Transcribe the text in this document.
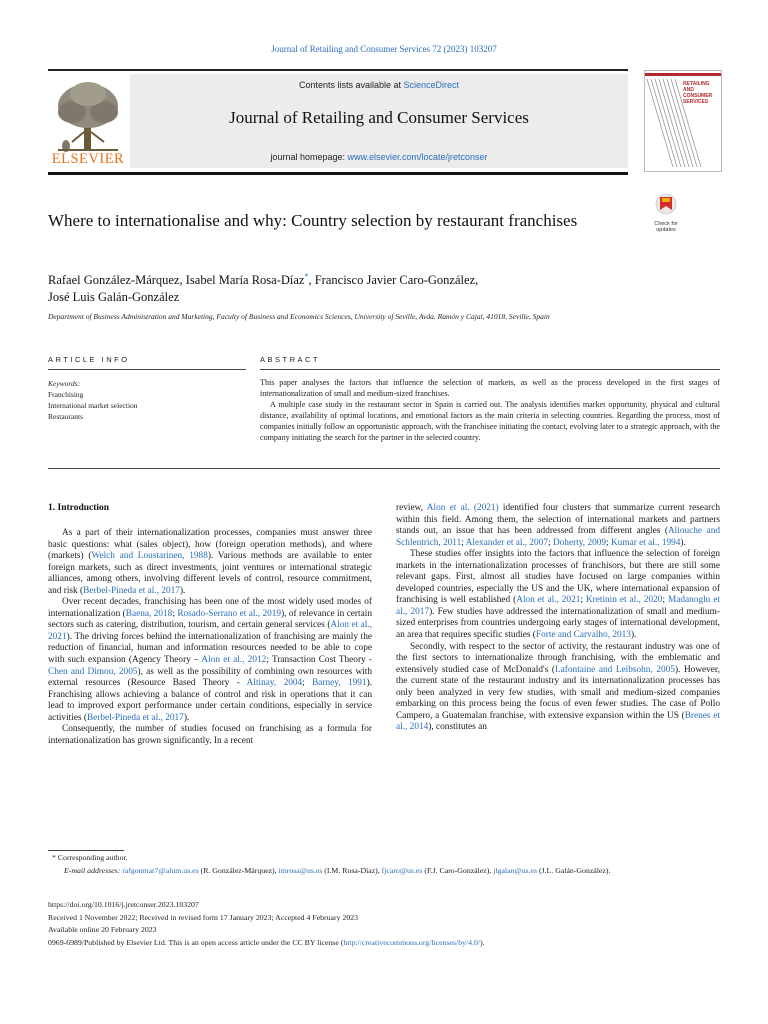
Journal of Retailing and Consumer Services 72 (2023) 103207
ELSEVIER
Contents lists available at ScienceDirect
Journal of Retailing and Consumer Services
journal homepage: www.elsevier.com/locate/jretconser
RETAILING
AND
CONSUMER
SERVICES
Check for
updates
Where to internationalise and why: Country selection by restaurant franchises
Rafael González-Márquez, Isabel María Rosa-Díaz*, Francisco Javier Caro-González,
José Luis Galán-González
Department of Business Administration and Marketing, Faculty of Business and Economics Sciences, University of Seville, Avda. Ramón y Cajal, 41018, Seville, Spain
ARTICLE INFO	ABSTRACT
Keywords:
Franchising
International market selection
Restaurants

This paper analyses the factors that influence the selection of markets, as well as the process developed in the first stages of internationalization of small and medium-sized franchises.

A multiple case study in the restaurant sector in Spain is carried out. The analysis identifies market opportunity, physical and cultural distance, availability of optimal locations, and emotional factors as the main criteria in selecting countries. Regarding the process, most of companies initially follow an opportunistic approach, with the franchisee initiating the contact, evolving later to a strategic approach, with the company initiating the search for the partner in the selected country.

1. Introduction

As a part of their internationalization processes, companies must answer three basic questions: what (sales object), how (foreign operation methods), and where (markets) (Welch and Loustarinen, 1988). Various methods are available to enter foreign markets, such as direct investments, joint ventures or international strategic alliances, among others, involving different levels of control, resource commitment, and risk (Berbel-Pineda et al., 2017).

Over recent decades, franchising has been one of the most widely used modes of internationalization (Baena, 2018; Rosado-Serrano et al., 2019), of relevance in certain sectors such as catering, distribution, tourism, and certain general services (Alon et al., 2021). The driving forces behind the internationalization of franchising are mainly the reduction of financial, human and information resources needed to be able to cope with such expansion (Agency Theory – Alon et al., 2012; Transaction Cost Theory - Chen and Dimou, 2005), as well as the possibility of combining own resources with external resources (Resource Based Theory - Altinay, 2004; Barney, 1991). Franchising allows achieving a balance of control and risk in operations that it can lead to improved export performance under certain conditions, especially in service activities (Berbel-Pineda et al., 2017).

Consequently, the number of studies focused on franchising as a formula for internationalization has grown significantly. In a recent

review, Alon et al. (2021) identified four clusters that summarize current research within this field. Among them, the selection of international markets and partners stands out, an issue that has been addressed from different angles (Aliouche and Schlentrich, 2011; Alexander et al., 2007; Doherty, 2009; Kumar et al., 1994).

These studies offer insights into the factors that influence the selection of foreign markets in the internationalization processes of franchisors, but there are still some relevant gaps. First, almost all studies have focused on large companies within developed countries, especially the US and the UK, where international expansion of franchising is well established (Alon et al., 2021; Kretinin et al., 2020; Madanoglu et al., 2017). Few studies have addressed the internationalization of small and medium-sized enterprises from countries undergoing early stages of international development, an area that requires specific studies (Forte and Carvalho, 2013).

Secondly, with respect to the sector of activity, the restaurant industry was one of the first sectors to internationalize through franchising, with the emblematic and extensively studied case of McDonald's (Lafontaine and Leibsohn, 2005). However, the current state of the restaurant industry and its internationalization processes has only been analyzed in very few studies, with small and medium-sized companies embarking on this process being the focus of even fewer studies. The case of Pollo Campero, a Guatemalan franchise, with extensive expansion within the US (Brenes et al., 2014), constitutes an

* Corresponding author.
E-mail addresses: rafgonmar7@alum.us.es (R. González-Márquez), imrosa@us.es (I.M. Rosa-Díaz), fjcaro@us.es (F.J. Caro-González), jlgalan@us.es (J.L. Galán-González).
https://doi.org/10.1016/j.jretconser.2023.103207
Received 1 November 2022; Received in revised form 17 January 2023; Accepted 4 February 2023
Available online 20 February 2023
0969-6989/Published by Elsevier Ltd. This is an open access article under the CC BY license (http://creativecommons.org/licenses/by/4.0/).
